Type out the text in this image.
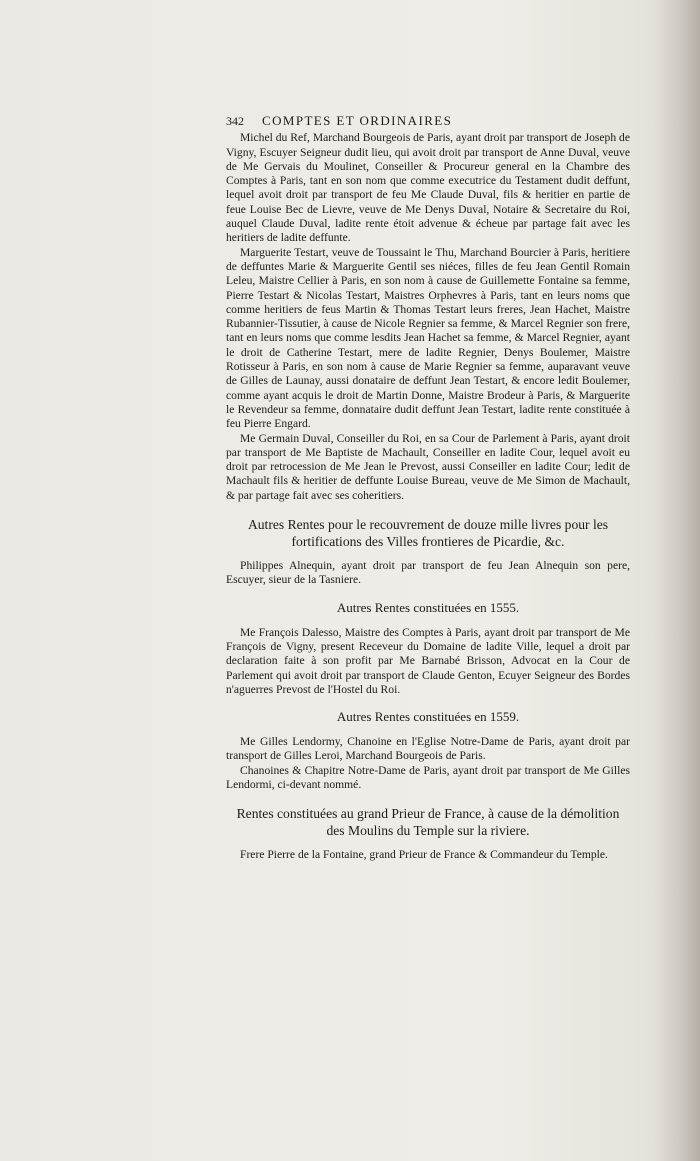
342	COMPTES ET ORDINAIRES

Michel du Ref, Marchand Bourgeois de Paris, ayant droit par transport de Joseph de Vigny, Escuyer Seigneur dudit lieu, qui avoit droit par transport de Anne Duval, veuve de Me Gervais du Moulinet, Conseiller & Procureur general en la Chambre des Comptes à Paris, tant en son nom que comme executrice du Testament dudit deffunt, lequel avoit droit par transport de feu Me Claude Duval, fils & heritier en partie de feue Louise Bec de Lievre, veuve de Me Denys Duval, Notaire & Secretaire du Roi, auquel Claude Duval, ladite rente étoit advenue & écheue par partage fait avec les heritiers de ladite deffunte.

Marguerite Testart, veuve de Toussaint le Thu, Marchand Bourcier à Paris, heritiere de deffuntes Marie & Marguerite Gentil ses niéces, filles de feu Jean Gentil Romain Leleu, Maistre Cellier à Paris, en son nom à cause de Guillemette Fontaine sa femme, Pierre Testart & Nicolas Testart, Maistres Orphevres à Paris, tant en leurs noms que comme heritiers de feus Martin & Thomas Testart leurs freres, Jean Hachet, Maistre Rubannier-Tissutier, à cause de Nicole Regnier sa femme, & Marcel Regnier son frere, tant en leurs noms que comme lesdits Jean Hachet sa femme, & Marcel Regnier, ayant le droit de Catherine Testart, mere de ladite Regnier, Denys Boulemer, Maistre Rotisseur à Paris, en son nom à cause de Marie Regnier sa femme, auparavant veuve de Gilles de Launay, aussi donataire de deffunt Jean Testart, & encore ledit Boulemer, comme ayant acquis le droit de Martin Donne, Maistre Brodeur à Paris, & Marguerite le Revendeur sa femme, donnataire dudit deffunt Jean Testart, ladite rente constituée à feu Pierre Engard.

Me Germain Duval, Conseiller du Roi, en sa Cour de Parlement à Paris, ayant droit par transport de Me Baptiste de Machault, Conseiller en ladite Cour, lequel avoit eu droit par retrocession de Me Jean le Prevost, aussi Conseiller en ladite Cour; ledit de Machault fils & heritier de deffunte Louise Bureau, veuve de Me Simon de Machault, & par partage fait avec ses coheritiers.

Autres Rentes pour le recouvrement de douze mille livres pour les fortifications des Villes frontieres de Picardie, &c.

Philippes Alnequin, ayant droit par transport de feu Jean Alnequin son pere, Escuyer, sieur de la Tasniere.

Autres Rentes constituées en 1555.

Me François Dalesso, Maistre des Comptes à Paris, ayant droit par transport de Me François de Vigny, present Receveur du Domaine de ladite Ville, lequel a droit par declaration faite à son profit par Me Barnabé Brisson, Advocat en la Cour de Parlement qui avoit droit par transport de Claude Genton, Ecuyer Seigneur des Bordes n'aguerres Prevost de l'Hostel du Roi.

Autres Rentes constituées en 1559.

Me Gilles Lendormy, Chanoine en l'Eglise Notre-Dame de Paris, ayant droit par transport de Gilles Leroi, Marchand Bourgeois de Paris.

Chanoines & Chapitre Notre-Dame de Paris, ayant droit par transport de Me Gilles Lendormi, ci-devant nommé.

Rentes constituées au grand Prieur de France, à cause de la démolition des Moulins du Temple sur la riviere.

Frere Pierre de la Fontaine, grand Prieur de France & Commandeur du Temple.
